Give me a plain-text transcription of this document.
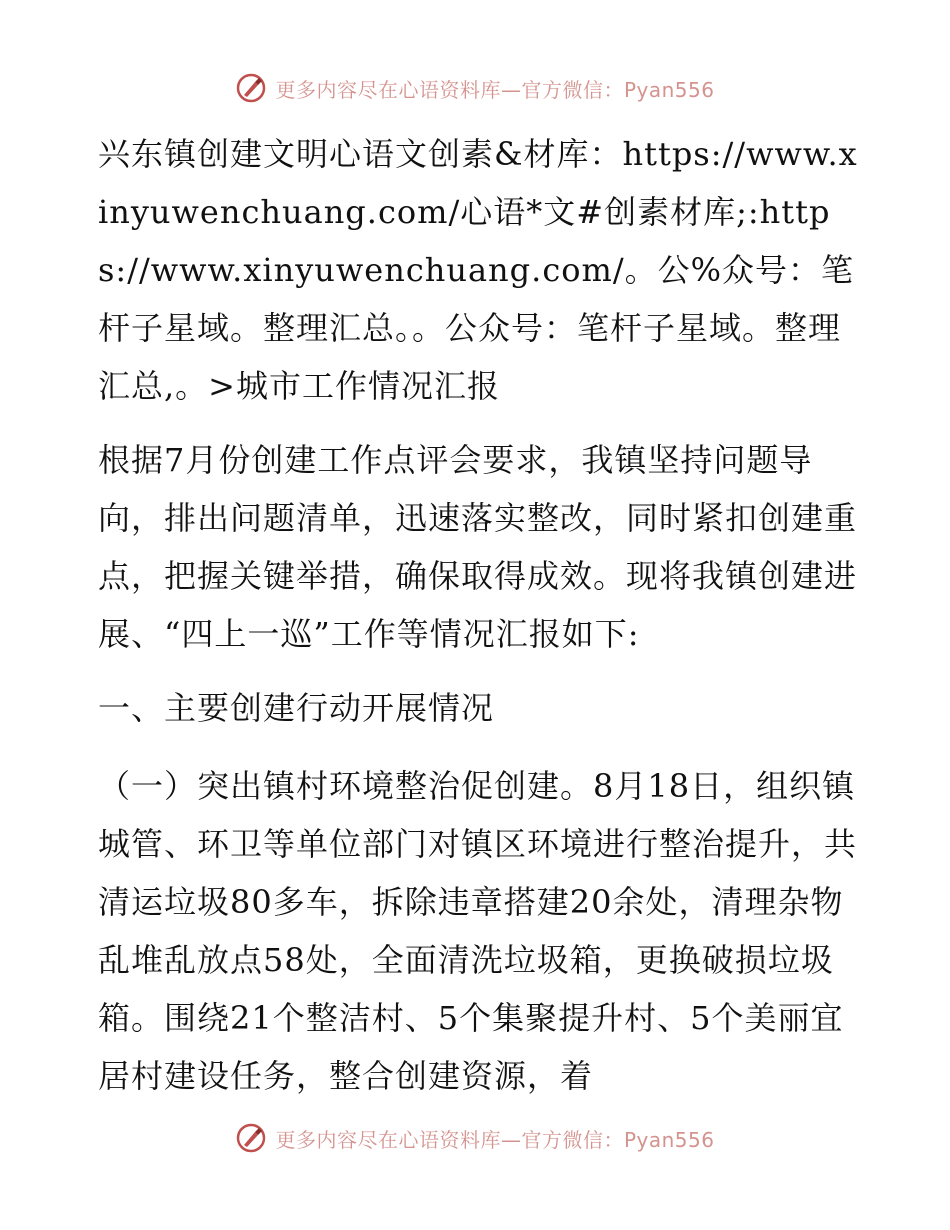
更多内容尽在心语资料库—官方微信：Pyan556

兴东镇创建文明心语文创素&材库：https://www.xinyuwenchuang.com/心语*文#创素材库;:https://www.xinyuwenchuang.com/。公%众号：笔杆子星域。整理汇总。。公众号：笔杆子星域。整理汇总,。>城市工作情况汇报

根据7月份创建工作点评会要求，我镇坚持问题导向，排出问题清单，迅速落实整改，同时紧扣创建重点，把握关键举措，确保取得成效。现将我镇创建进展、“四上一巡”工作等情况汇报如下:

一、主要创建行动开展情况

（一）突出镇村环境整治促创建。8月18日，组织镇城管、环卫等单位部门对镇区环境进行整治提升，共清运垃圾80多车，拆除违章搭建20余处，清理杂物乱堆乱放点58处，全面清洗垃圾箱，更换破损垃圾箱。围绕21个整洁村、5个集聚提升村、5个美丽宜居村建设任务，整合创建资源，着

更多内容尽在心语资料库—官方微信：Pyan556
